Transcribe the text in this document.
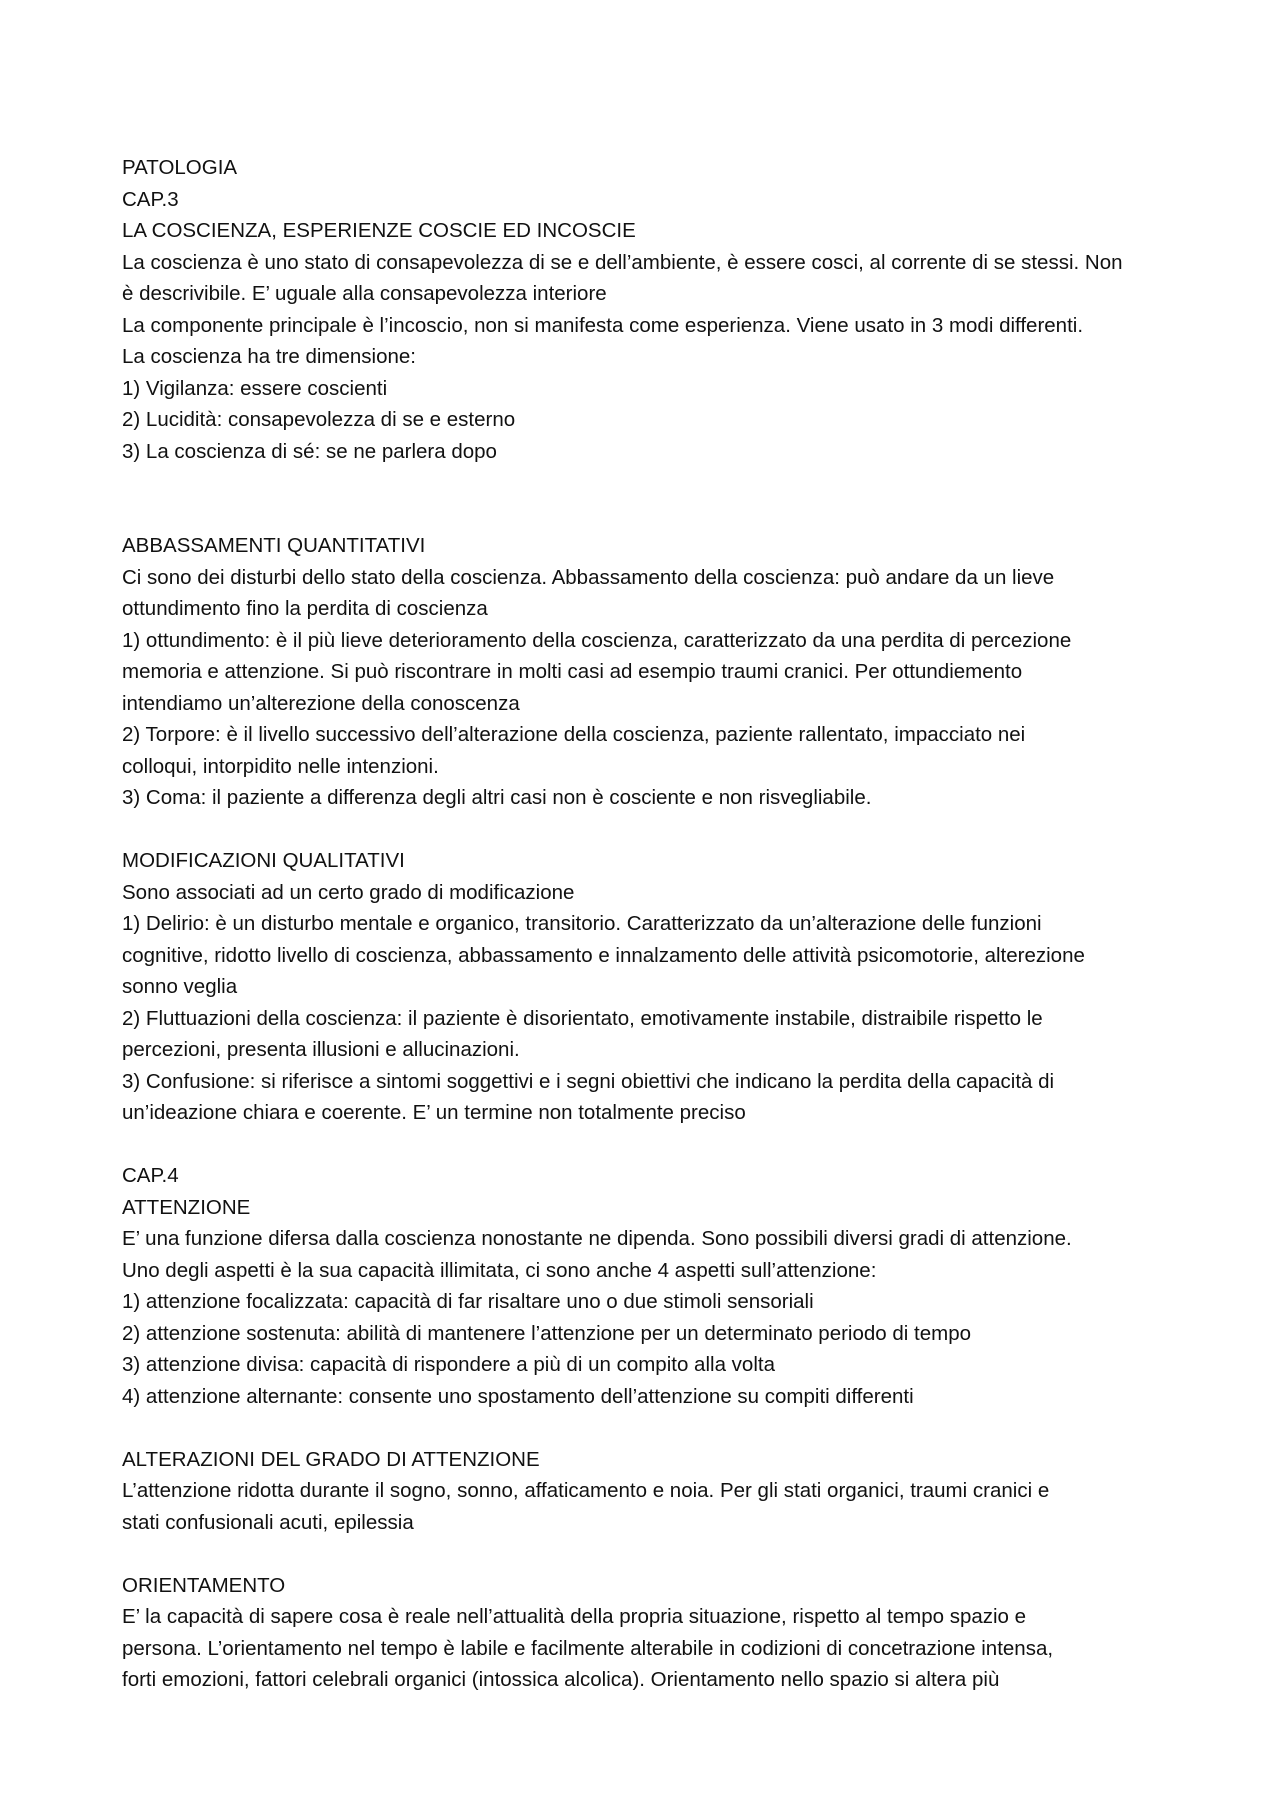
PATOLOGIA
CAP.3
LA COSCIENZA, ESPERIENZE COSCIE ED INCOSCIE
La coscienza è uno stato di consapevolezza di se e dell’ambiente, è essere cosci, al corrente di se stessi. Non
è descrivibile. E’ uguale alla consapevolezza interiore
La componente principale è l’incoscio, non si manifesta come esperienza. Viene usato in 3 modi differenti.
La coscienza ha tre dimensione:
1) Vigilanza: essere coscienti
2) Lucidità: consapevolezza di se e esterno
3) La coscienza di sé: se ne parlera dopo
ABBASSAMENTI QUANTITATIVI
Ci sono dei disturbi dello stato della coscienza. Abbassamento della coscienza: può andare da un lieve
ottundimento fino la perdita di coscienza
1) ottundimento: è il più lieve deterioramento della coscienza, caratterizzato da una perdita di percezione
memoria e attenzione. Si può riscontrare in molti casi ad esempio traumi cranici. Per ottundiemento
intendiamo un’alterezione della conoscenza
2) Torpore: è il livello successivo dell’alterazione della coscienza, paziente rallentato, impacciato nei
colloqui, intorpidito nelle intenzioni.
3) Coma: il paziente a differenza degli altri casi non è cosciente e non risvegliabile.
MODIFICAZIONI QUALITATIVI
Sono associati ad un certo grado di modificazione
1) Delirio: è un disturbo mentale e organico, transitorio. Caratterizzato da un’alterazione delle funzioni
cognitive, ridotto livello di coscienza, abbassamento e innalzamento delle attività psicomotorie, alterezione
sonno veglia
2) Fluttuazioni della coscienza: il paziente è disorientato, emotivamente instabile, distraibile rispetto le
percezioni, presenta illusioni e allucinazioni.
3) Confusione: si riferisce a sintomi soggettivi e i segni obiettivi che indicano la perdita della capacità di
un’ideazione chiara e coerente. E’ un termine non totalmente preciso
CAP.4
ATTENZIONE
E’ una funzione difersa dalla coscienza nonostante ne dipenda. Sono possibili diversi gradi di attenzione.
Uno degli aspetti è la sua capacità illimitata, ci sono anche 4 aspetti sull’attenzione:
1) attenzione focalizzata: capacità di far risaltare uno o due stimoli sensoriali
2) attenzione sostenuta: abilità di mantenere l’attenzione per un determinato periodo di tempo
3) attenzione divisa: capacità di rispondere a più di un compito alla volta
4) attenzione alternante: consente uno spostamento dell’attenzione su compiti differenti
ALTERAZIONI DEL GRADO DI ATTENZIONE
L’attenzione ridotta durante il sogno, sonno, affaticamento e noia. Per gli stati organici, traumi cranici e
stati confusionali acuti, epilessia
ORIENTAMENTO
E’ la capacità di sapere cosa è reale nell’attualità della propria situazione, rispetto al tempo spazio e
persona. L’orientamento nel tempo è labile e facilmente alterabile in codizioni di concetrazione intensa,
forti emozioni, fattori celebrali organici (intossica alcolica). Orientamento nello spazio si altera più
